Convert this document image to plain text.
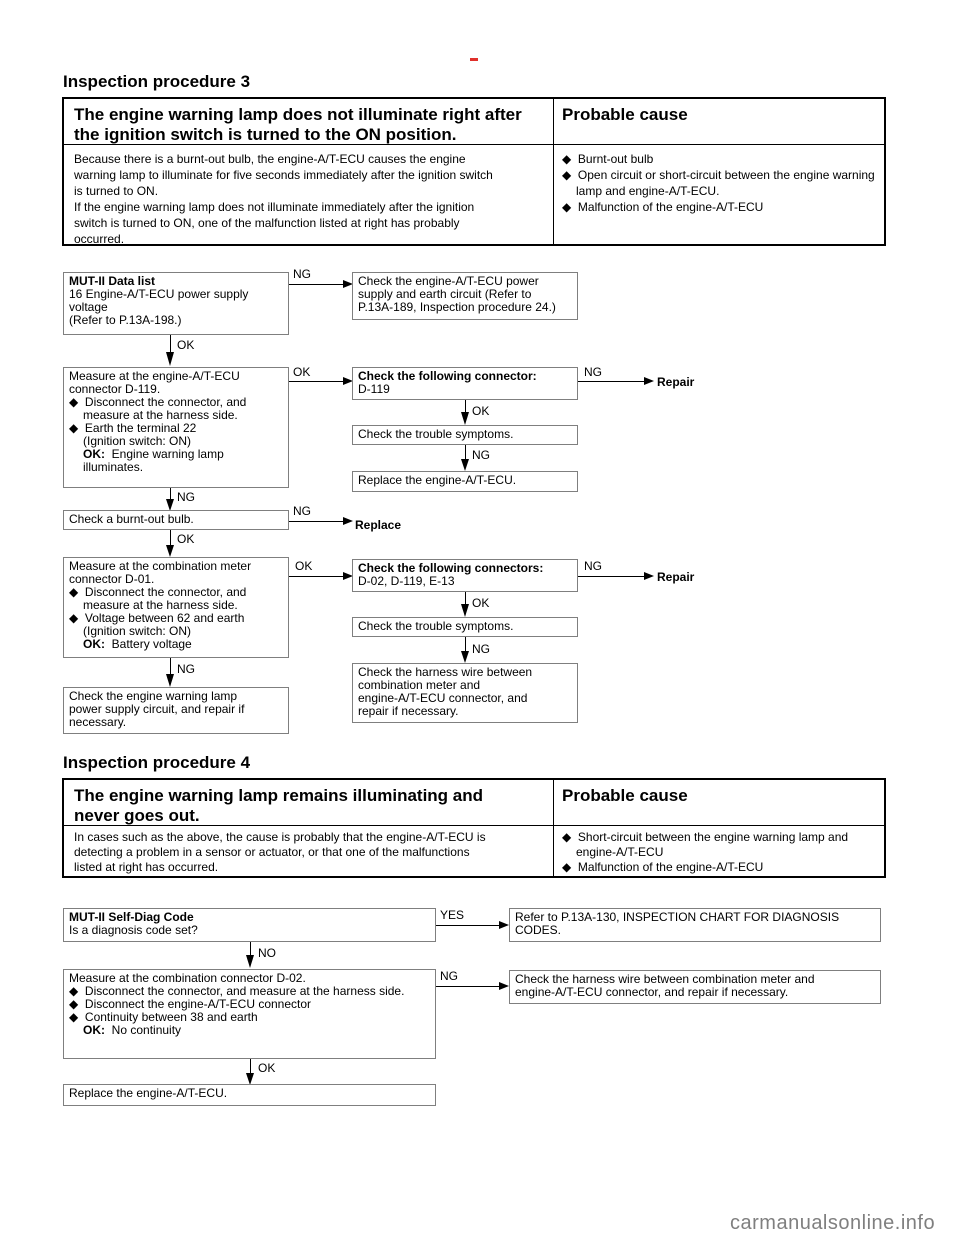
Inspection procedure 3
The engine warning lamp does not illuminate right after
the ignition switch is turned to the ON position.
Probable cause
Because there is a burnt-out bulb, the engine-A/T-ECU causes the engine
warning lamp to illuminate for five seconds immediately after the ignition switch
is turned to ON.
If the engine warning lamp does not illuminate immediately after the ignition
switch is turned to ON, one of the malfunction listed at right has probably
occurred.
◆  Burnt-out bulb
◆  Open circuit or short-circuit between the engine warning lamp and engine-A/T-ECU.
◆  Malfunction of the engine-A/T-ECU
MUT-II Data list
16 Engine-A/T-ECU power supply
voltage
(Refer to P.13A-198.)
NG	Check the engine-A/T-ECU power
supply and earth circuit (Refer to
P.13A-189, Inspection procedure 24.)
OK
Measure at the engine-A/T-ECU
connector D-119.
◆  Disconnect the connector, and measure at the harness side.
◆  Earth the terminal 22
(Ignition switch: ON)
OK: Engine warning lamp illuminates.
OK	Check the following connector:
D-119
NG
Repair
OK
Check the trouble symptoms.
NG
Replace the engine-A/T-ECU.
NG
Check a burnt-out bulb.
NG
Replace
OK
Measure at the combination meter
connector D-01.
◆  Disconnect the connector, and measure at the harness side.
◆  Voltage between 62 and earth
(Ignition switch: ON)
OK: Battery voltage
OK	Check the following connectors:
D-02, D-119, E-13
NG
Repair
OK
Check the trouble symptoms.
NG
Check the harness wire between
combination meter and
engine-A/T-ECU connector, and
repair if necessary.
NG
Check the engine warning lamp
power supply circuit, and repair if
necessary.
Inspection procedure 4
The engine warning lamp remains illuminating and
never goes out.
Probable cause
In cases such as the above, the cause is probably that the engine-A/T-ECU is
detecting a problem in a sensor or actuator, or that one of the malfunctions
listed at right has occurred.
◆  Short-circuit between the engine warning lamp and engine-A/T-ECU
◆  Malfunction of the engine-A/T-ECU
MUT-II Self-Diag Code
Is a diagnosis code set?
YES	Refer to P.13A-130, INSPECTION CHART FOR DIAGNOSIS
CODES.
NO
Measure at the combination connector D-02.
◆  Disconnect the connector, and measure at the harness side.
◆  Disconnect the engine-A/T-ECU connector
◆  Continuity between 38 and earth
OK: No continuity
NG	Check the harness wire between combination meter and
engine-A/T-ECU connector, and repair if necessary.
OK
Replace the engine-A/T-ECU.
carmanualsonline.info
